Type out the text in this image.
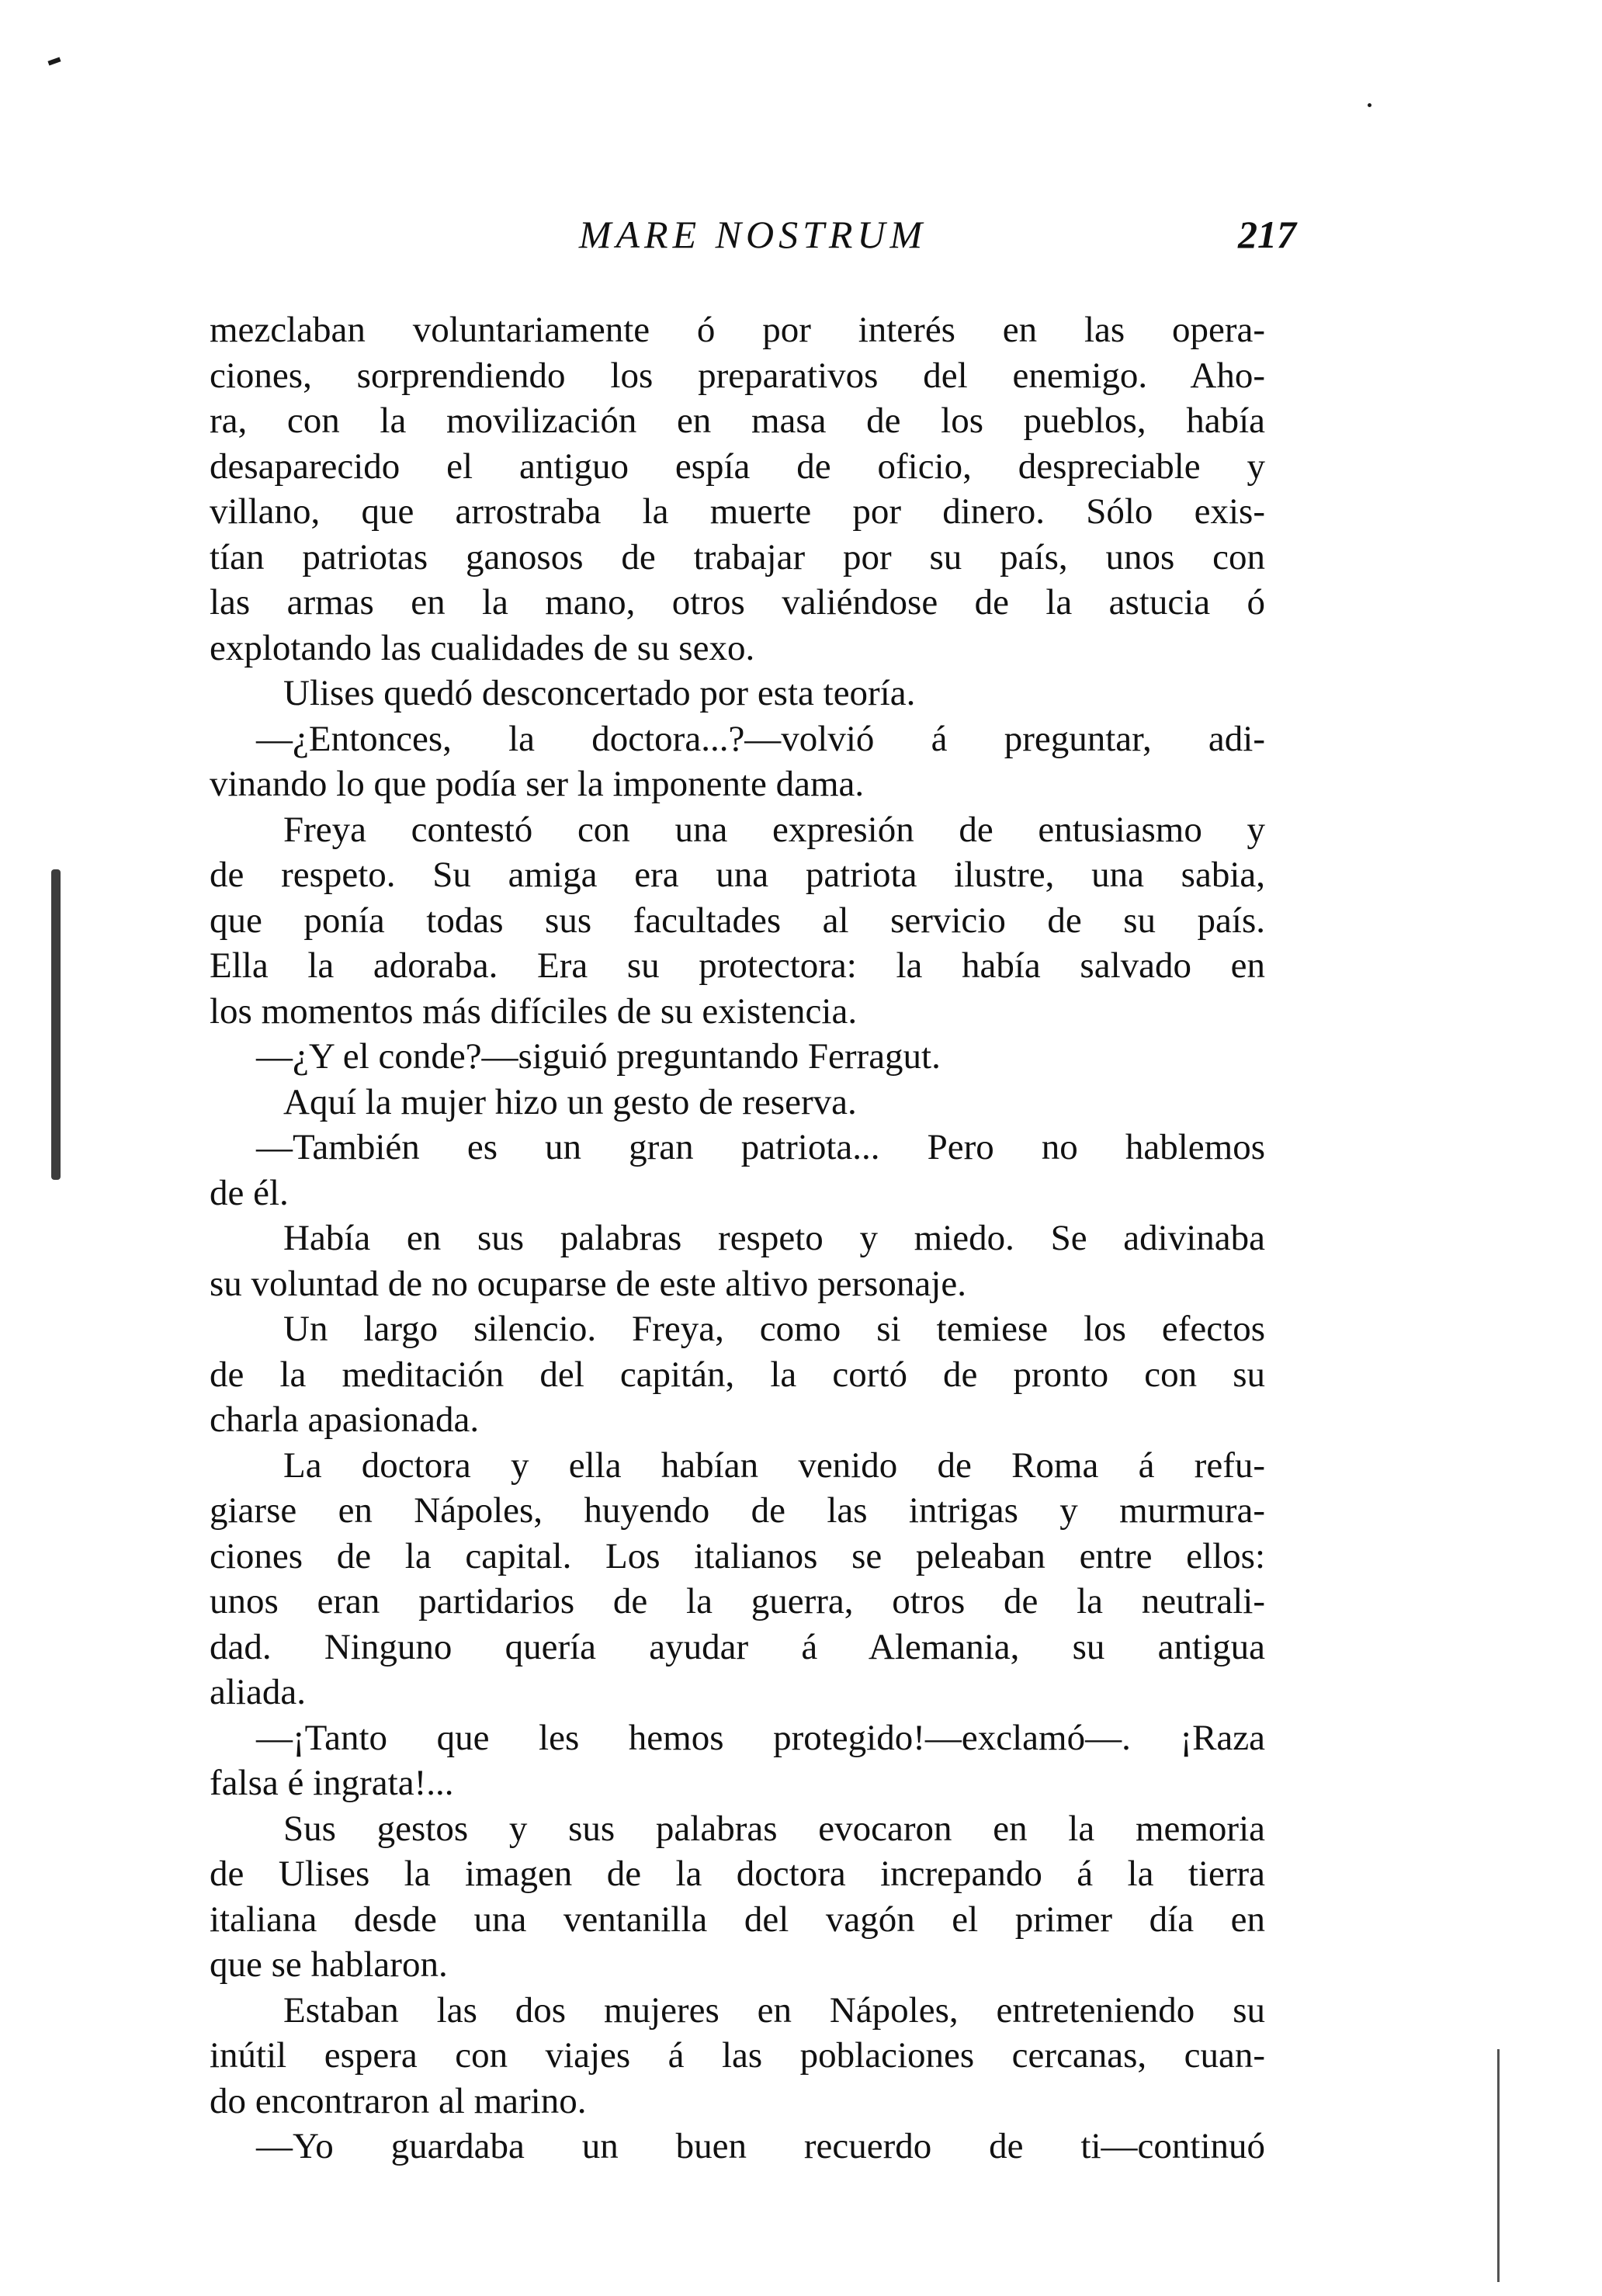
MARE NOSTRUM	217
mezclaban voluntariamente ó por interés en las opera-
ciones, sorprendiendo los preparativos del enemigo. Aho-
ra, con la movilización en masa de los pueblos, había
desaparecido el antiguo espía de oficio, despreciable y
villano, que arrostraba la muerte por dinero. Sólo exis-
tían patriotas ganosos de trabajar por su país, unos con
las armas en la mano, otros valiéndose de la astucia ó
explotando las cualidades de su sexo.
Ulises quedó desconcertado por esta teoría.
—¿Entonces, la doctora...?—volvió á preguntar, adi-
vinando lo que podía ser la imponente dama.
Freya contestó con una expresión de entusiasmo y
de respeto. Su amiga era una patriota ilustre, una sabia,
que ponía todas sus facultades al servicio de su país.
Ella la adoraba. Era su protectora: la había salvado en
los momentos más difíciles de su existencia.
—¿Y el conde?—siguió preguntando Ferragut.
Aquí la mujer hizo un gesto de reserva.
—También es un gran patriota... Pero no hablemos
de él.
Había en sus palabras respeto y miedo. Se adivinaba
su voluntad de no ocuparse de este altivo personaje.
Un largo silencio. Freya, como si temiese los efectos
de la meditación del capitán, la cortó de pronto con su
charla apasionada.
La doctora y ella habían venido de Roma á refu-
giarse en Nápoles, huyendo de las intrigas y murmura-
ciones de la capital. Los italianos se peleaban entre ellos:
unos eran partidarios de la guerra, otros de la neutrali-
dad. Ninguno quería ayudar á Alemania, su antigua
aliada.
—¡Tanto que les hemos protegido!—exclamó—. ¡Raza
falsa é ingrata!...
Sus gestos y sus palabras evocaron en la memoria
de Ulises la imagen de la doctora increpando á la tierra
italiana desde una ventanilla del vagón el primer día en
que se hablaron.
Estaban las dos mujeres en Nápoles, entreteniendo su
inútil espera con viajes á las poblaciones cercanas, cuan-
do encontraron al marino.
—Yo guardaba un buen recuerdo de ti—continuó
